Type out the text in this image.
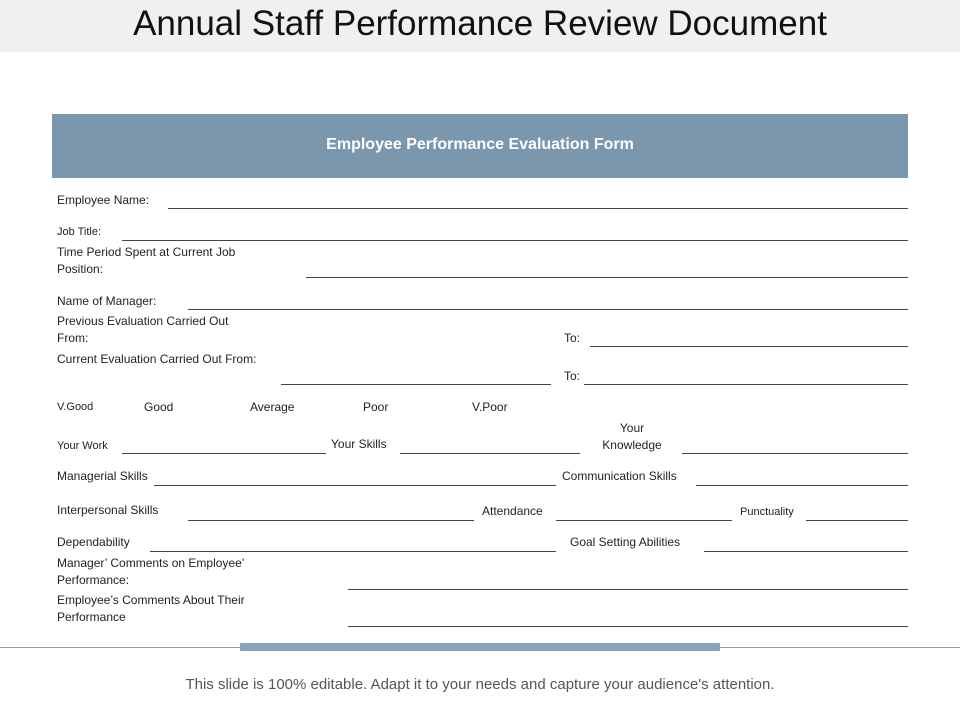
Annual Staff Performance Review Document
Employee Performance Evaluation Form
Employee Name:
Job Title:
Time Period Spent at Current Job Position:
Name of Manager:
Previous Evaluation Carried Out From:	To:
Current Evaluation Carried Out From:
To:
V.Good	Good	Average	Poor	V.Poor
Your Work	Your Skills
Your Knowledge
Managerial Skills	Communication Skills
Interpersonal Skills	Attendance	Punctuality
Dependability	Goal Setting Abilities
Manager’ Comments on Employee’ Performance:
Employee’s Comments About Their Performance
This slide is 100% editable. Adapt it to your needs and capture your audience's attention.
